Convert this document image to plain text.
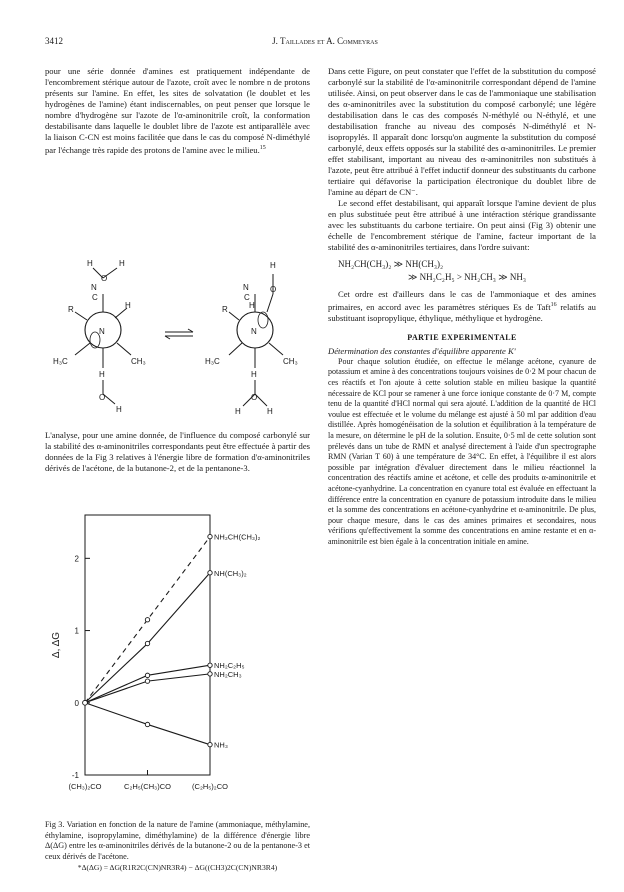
3412	J. Taillades et A. Commeyras

pour une série donnée d'amines est pratiquement indépendante de l'encombrement stérique autour de l'azote, croît avec le nombre n de protons présents sur l'amine. En effet, les sites de solvatation (le doublet et les hydrogènes de l'amine) étant indiscernables, on peut penser que lorsque le nombre d'hydrogène sur l'azote de l'α-aminonitrile croît, la conformation destabilisante dans laquelle le doublet libre de l'azote est antiparallèle avec la liaison C-CN est moins facilitée que dans le cas du composé N-diméthylé par l'échange très rapide des protons de l'amine avec le milieu.$^{15}$

N
H	H
O
N
C
R	H
H₃C	CH₃
H
O
H
N
H
O
N
C
R	H
H₃C	CH₃
H
O
H	H

L'analyse, pour une amine donnée, de l'influence du composé carbonylé sur la stabilité des α-aminonitriles correspondants peut être effectuée à partir des données de la Fig 3 relatives à l'énergie libre de formation d'α-aminonitriles dérivés de l'acétone, de la butanone-2, et de la pentanone-3.

2
1
0
-1
(CH₃)₂CO	C₂H₅(CH₃)CO	(C₂H₅)₂CO
Δ, ΔG
NH₂CH(CH₃)₂
NH(CH₃)₂
NH₂C₂H₅
NH₂CH₃
NH₃
Fig 3. Variation en fonction de la nature de l'amine (ammoniaque, méthylamine, éthylamine, isopropylamine, diméthylamine) de la différence d'énergie libre Δ(ΔG) entre les α-aminonitriles dérivés de la butanone-2 ou de la pentanone-3 et ceux dérivés de l'acétone.
*Δ(ΔG) = ΔG(R1R2C(CN)NR3R4) − ΔG((CH3)2C(CN)NR3R4)

Dans cette Figure, on peut constater que l'effet de la substitution du composé carbonylé sur la stabilité de l'α-aminonitrile correspondant dépend de l'amine utilisée. Ainsi, on peut observer dans le cas de l'ammoniaque une stabilisation des α-aminonitriles avec la substitution du composé carbonylé; une légère destabilisation dans le cas des composés N-méthylé ou N-éthylé, et une destabilisation franche au niveau des composés N-diméthylé et N-isopropylés. Il apparaît donc lorsqu'on augmente la substitution du composé carbonylé, deux effets opposés sur la stabilité des α-aminonitriles. Le premier effet stabilisant, important au niveau des α-aminonitriles non substitués à l'azote, peut être attribué à l'effet inductif donneur des substituants du carbone tertiaire qui défavorise la participation électronique du doublet libre de l'amine au départ de CN⁻.

Le second effet destabilisant, qui apparaît lorsque l'amine devient de plus en plus substituée peut être attribué à une intéraction stérique grandissante avec les substituants du carbone tertiaire. On peut ainsi (Fig 3) obtenir une échelle de l'encombrement stérique de l'amine, facteur important de la stabilité des α-aminonitriles tertiaires, dans l'ordre suivant:

NH₂CH(CH₃)₂ ≫ NH(CH₃)₂

≫ NH₂C₂H₅ > NH₂CH₃ ≫ NH₃

Cet ordre est d'ailleurs dans le cas de l'ammoniaque et des amines primaires, en accord avec les paramètres stériques Es de Taft$^{16}$ relatifs au substituant isopropylique, éthylique, méthylique et hydrogène.

PARTIE EXPERIMENTALE

Détermination des constantes d'équilibre apparente K'

Pour chaque solution étudiée, on effectue le mélange acétone, cyanure de potassium et amine à des concentrations toujours voisines de 0·2 M pour chacun de ces réactifs et l'on ajoute à cette solution stable en milieu basique la quantité nécessaire de KCl pour se ramener à une force ionique constante de 0·7 M, compte tenu de la quantité d'HCl normal qui sera ajouté. L'addition de la quantité de HCl voulue est effectuée et le volume du mélange est ajusté à 50 ml par addition d'eau distillée. Après homogénéisation de la solution et équilibration à la température de la mesure, on détermine le pH de la solution. Ensuite, 0·5 ml de cette solution sont prélevés dans un tube de RMN et analysé directement à l'aide d'un spectrographe RMN (Varian T 60) à une température de 34°C. En effet, à l'équilibre il est alors possible par intégration d'évaluer directement dans le milieu réactionnel la concentration des réactifs amine et acétone, et celle des produits α-aminonitrile et acétone-cyanhydrine. La concentration en cyanure total est évaluée en effectuant la différence entre la concentration en cyanure de potassium introduite dans le milieu et la somme des concentrations en acétone-cyanhydrine et α-aminonitrile. De plus, pour chaque mesure, dans le cas des amines primaires et secondaires, nous vérifions qu'effectivement la somme des concentrations en amine restante et en α-aminonitrile est bien égale à la concentration initiale en amine.
